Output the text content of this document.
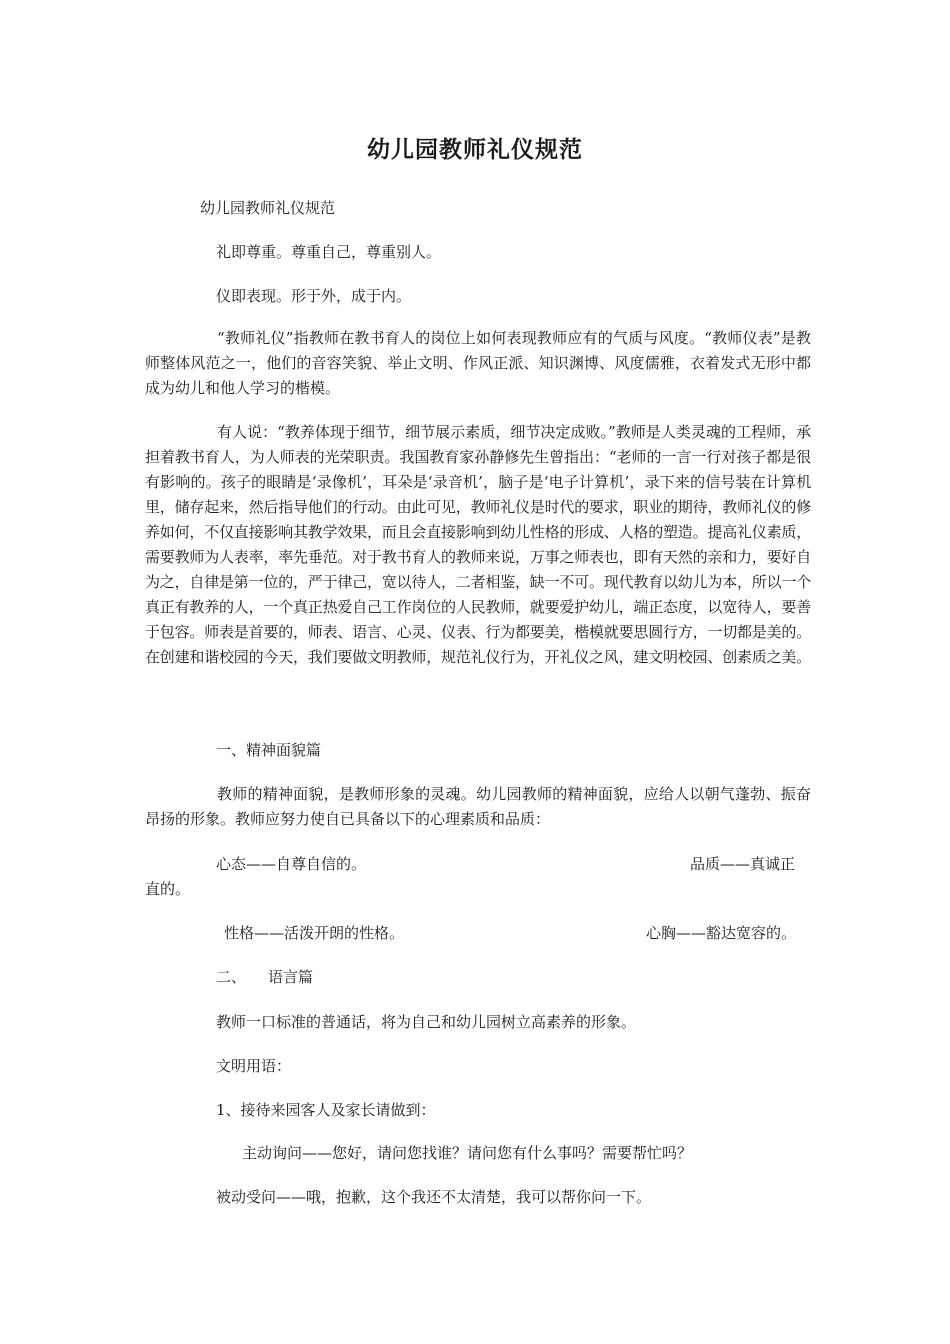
幼儿园教师礼仪规范
幼儿园教师礼仪规范
礼即尊重。尊重自己，尊重别人。
仪即表现。形于外，成于内。
“教师礼仪”指教师在教书育人的岗位上如何表现教师应有的气质与风度。“教师仪表”是教师整体风范之一，他们的音容笑貌、举止文明、作风正派、知识渊博、风度儒雅，衣着发式无形中都成为幼儿和他人学习的楷模。
有人说：“教养体现于细节，细节展示素质，细节决定成败。”教师是人类灵魂的工程师，承担着教书育人，为人师表的光荣职责。我国教育家孙静修先生曾指出：“老师的一言一行对孩子都是很有影响的。孩子的眼睛是‘录像机’，耳朵是‘录音机’，脑子是‘电子计算机’，录下来的信号装在计算机里，储存起来，然后指导他们的行动。由此可见，教师礼仪是时代的要求，职业的期待，教师礼仪的修养如何，不仅直接影响其教学效果，而且会直接影响到幼儿性格的形成、人格的塑造。提高礼仪素质，需要教师为人表率，率先垂范。对于教书育人的教师来说，万事之师表也，即有天然的亲和力，要好自为之，自律是第一位的，严于律己，宽以待人，二者相鉴，缺一不可。现代教育以幼儿为本，所以一个真正有教养的人，一个真正热爱自己工作岗位的人民教师，就要爱护幼儿，端正态度，以宽待人，要善于包容。师表是首要的，师表、语言、心灵、仪表、行为都要美，楷模就要思圆行方，一切都是美的。在创建和谐校园的今天，我们要做文明教师，规范礼仪行为，开礼仪之风，建文明校园、创素质之美。
一、精神面貌篇
教师的精神面貌，是教师形象的灵魂。幼儿园教师的精神面貌，应给人以朝气蓬勃、振奋昂扬的形象。教师应努力使自已具备以下的心理素质和品质：
心态——自尊自信的。	品质——真诚正
直的。
性格——活泼开朗的性格。	心胸——豁达宽容的。
二、 语言篇
教师一口标准的普通话，将为自己和幼儿园树立高素养的形象。
文明用语：
1、接待来园客人及家长请做到：
主动询问——您好，请问您找谁？请问您有什么事吗？需要帮忙吗？
被动受问——哦，抱歉，这个我还不太清楚，我可以帮你问一下。
